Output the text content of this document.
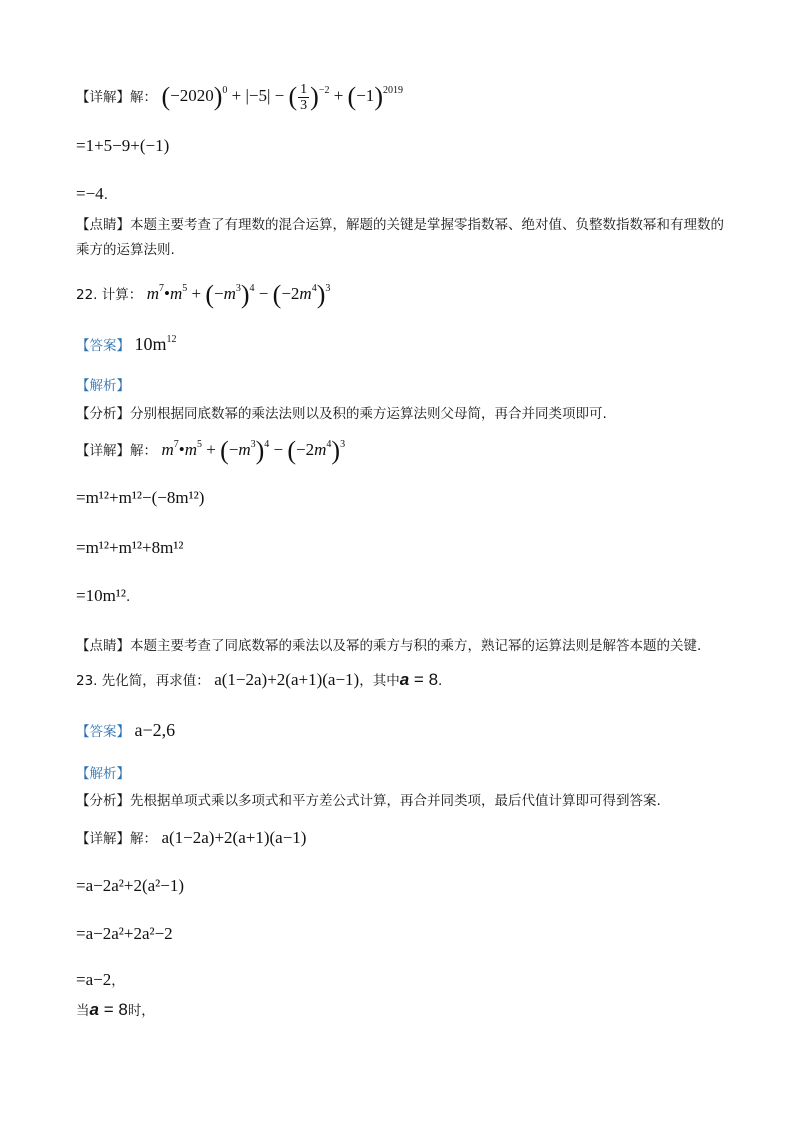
【详解】解： $(-2020)^0 + |-5|$ − ( $\frac{1}{3} )^{-2} + (-1)^{2019}$
=1+5−9+(−1)
=−4.
【点睛】本题主要考查了有理数的混合运算，解题的关键是掌握零指数幂、绝对值、负整数指数幂和有理数的乘方的运算法则.
22. 计算： $m^7•m^5 + (-m^3)^4 - (-2m^4)^3$
【答案】 $10m^{12}$
【解析】
【分析】分别根据同底数幂的乘法法则以及积的乘方运算法则父母简，再合并同类项即可.
【详解】解： $m^7•m^5 + (-m^3)^4 - (-2m^4)^3$
=m¹²+m¹²−(−8m¹²)
=m¹²+m¹²+8m¹²
=10m¹².
【点睛】本题主要考查了同底数幂的乘法以及幂的乘方与积的乘方，熟记幂的运算法则是解答本题的关键.
23. 先化简，再求值： a(1−2a)+2(a+1)(a−1)，其中a = 8.
【答案】 a−2,6
【解析】
【分析】先根据单项式乘以多项式和平方差公式计算，再合并同类项，最后代值计算即可得到答案.
【详解】解： a(1−2a)+2(a+1)(a−1)
=a−2a²+2(a²−1)
=a−2a²+2a²−2
=a−2，
当a = 8时，
